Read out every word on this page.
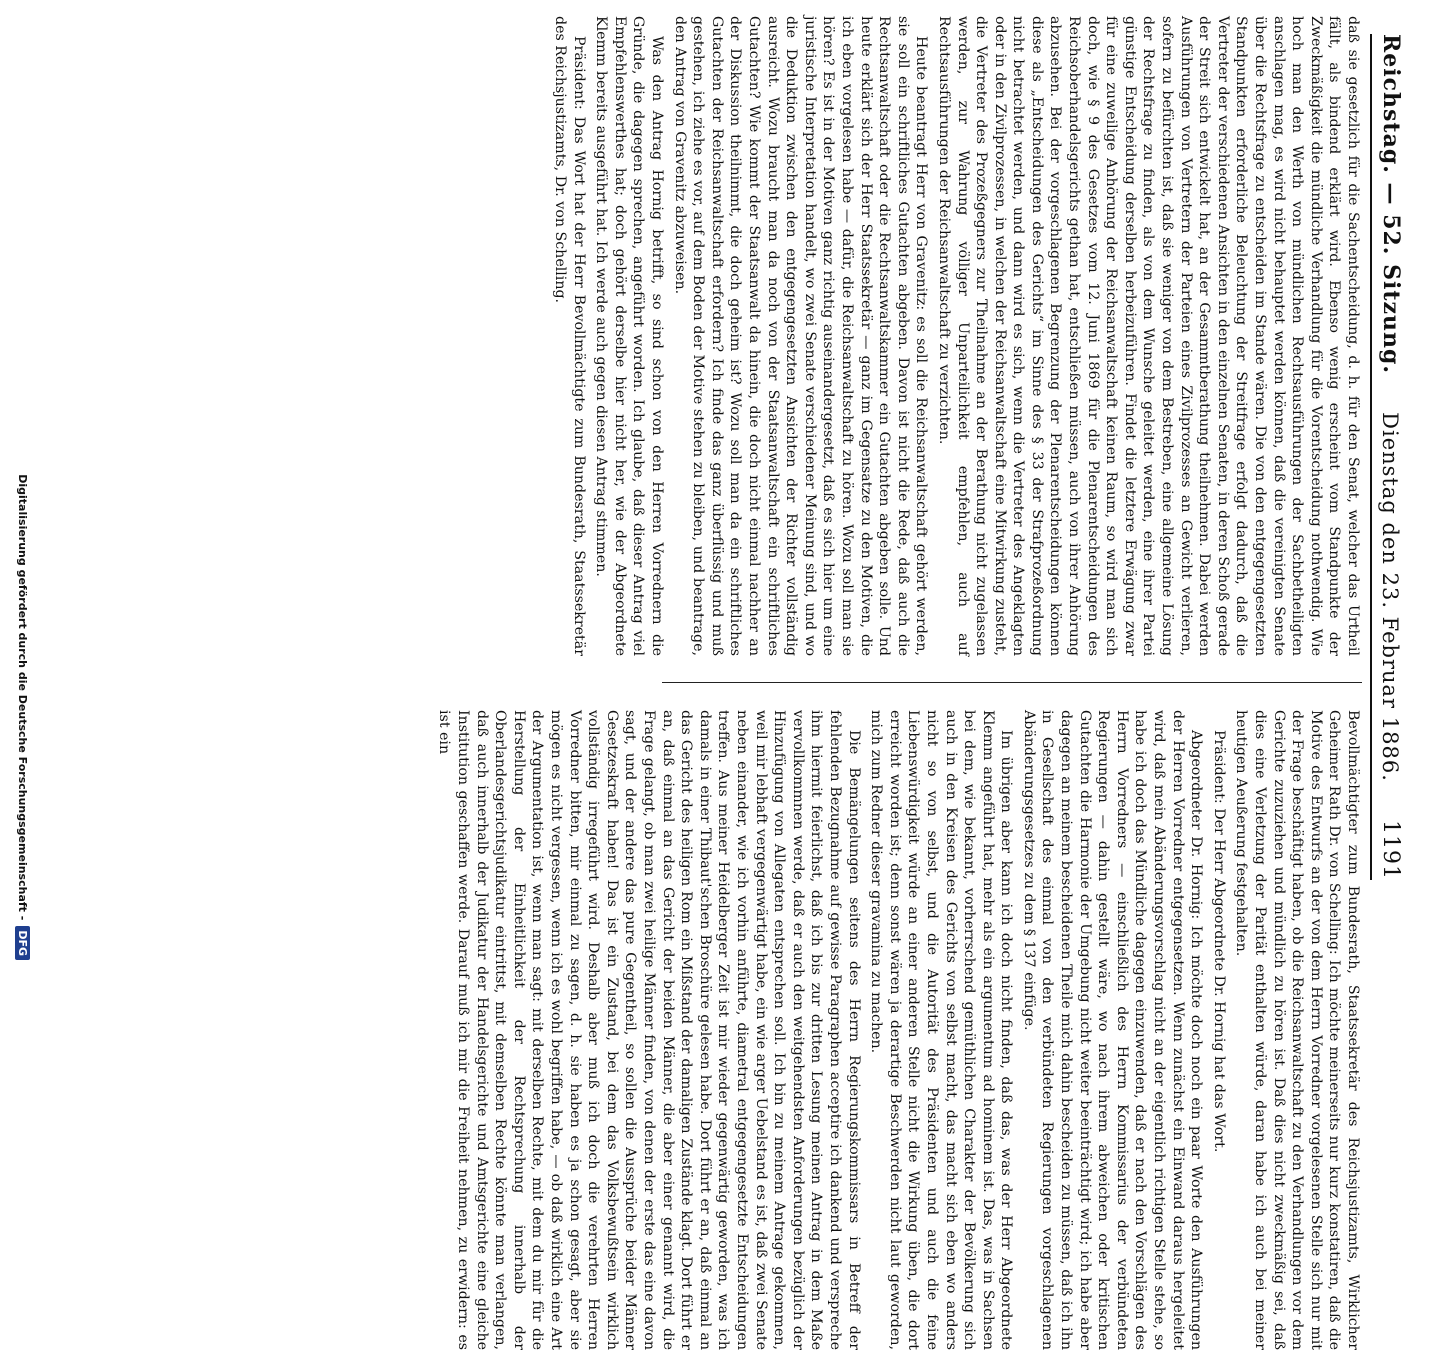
Reichstag. — 52. Sitzung.
Dienstag den 23. Februar 1886.
1191

daß sie gesetzlich für die Sachentscheidung, d. h. für den Senat, welcher das Urtheil fällt, als bindend erklärt wird. Ebenso wenig erscheint vom Standpunkte der Zweckmäßigkeit die mündliche Verhandlung für die Vorentscheidung nothwendig. Wie hoch man den Werth von mündlichen Rechtsausführungen der Sachbetheiligten anschlagen mag, es wird nicht behauptet werden können, daß die vereinigten Senate über die Rechtsfrage zu entscheiden im Stande wären. Die von den entgegengesetzten Standpunkten erforderliche Beleuchtung der Streitfrage erfolgt dadurch, daß die Vertreter der verschiedenen Ansichten in den einzelnen Senaten, in deren Schoß gerade der Streit sich entwickelt hat, an der Gesammtberathung theilnehmen. Dabei werden Ausführungen von Vertretern der Parteien eines Zivilprozesses an Gewicht verlieren, sofern zu befürchten ist, daß sie weniger von dem Bestreben, eine allgemeine Lösung der Rechtsfrage zu finden, als von dem Wunsche geleitet werden, eine ihrer Partei günstige Entscheidung derselben herbeizuführen. Findet die letztere Erwägung zwar für eine zuweilige Anhörung der Reichsanwaltschaft keinen Raum, so wird man sich doch, wie § 9 des Gesetzes vom 12. Juni 1869 für die Plenarentscheidungen des Reichsoberhandelsgerichts gethan hat, entschließen müssen, auch von ihrer Anhörung abzusehen. Bei der vorgeschlagenen Begrenzung der Plenarentscheidungen können diese als „Entscheidungen des Gerichts“ im Sinne des § 33 der Strafprozeßordnung nicht betrachtet werden, und dann wird es sich, wenn die Vertreter des Angeklagten oder in den Zivilprozessen, in welchen der Reichsanwaltschaft eine Mitwirkung zusteht, die Vertreter des Prozeßgegners zur Theilnahme an der Berathung nicht zugelassen werden, zur Wahrung völliger Unparteilichkeit empfehlen, auch auf Rechtsausführungen der Reichsanwaltschaft zu verzichten.

Heute beantragt Herr von Gravenitz: es soll die Reichsanwaltschaft gehört werden, sie soll ein schriftliches Gutachten abgeben. Davon ist nicht die Rede, daß auch die Rechtsanwaltschaft oder die Rechtsanwaltskammer ein Gutachten abgeben solle. Und heute erklärt sich der Herr Staatssekretär — ganz im Gegensatze zu den Motiven, die ich eben vorgelesen habe — dafür, die Reichsanwaltschaft zu hören. Wozu soll man sie hören? Es ist in der Motiven ganz richtig auseinandergesetzt, daß es sich hier um eine juristische Interpretation handelt, wo zwei Senate verschiedener Meinung sind, und wo die Deduktion zwischen den entgegengesetzten Ansichten der Richter vollständig ausreicht. Wozu braucht man da noch von der Staatsanwaltschaft ein schriftliches Gutachten? Wie kommt der Staatsanwalt da hinein, die doch nicht einmal nachher an der Diskussion theilnimmt, die doch geheim ist? Wozu soll man da ein schriftliches Gutachten der Reichsanwaltschaft erfordern? Ich finde das ganz überflüssig und muß gestehen, ich ziehe es vor, auf dem Boden der Motive stehen zu bleiben, und beantrage, den Antrag von Gravenitz abzuweisen.

Was den Antrag Hornig betrifft, so sind schon von den Herren Vorrednern die Gründe, die dagegen sprechen, angeführt worden. Ich glaube, daß dieser Antrag viel Empfehlenswerthes hat; doch gehört derselbe hier nicht her, wie der Abgeordnete Klemm bereits ausgeführt hat. Ich werde auch gegen diesen Antrag stimmen.

Präsident: Das Wort hat der Herr Bevollmächtigte zum Bundesrath, Staatssekretär des Reichsjustizamts, Dr. von Schelling.

Bevollmächtigter zum Bundesrath, Staatssekretär des Reichsjustizamts, Wirklicher Geheimer Rath Dr. von Schelling: Ich möchte meinerseits nur kurz konstatiren, daß die Motive des Entwurfs an der von dem Herrn Vorredner vorgelesenen Stelle sich nur mit der Frage beschäftigt haben, ob die Reichsanwaltschaft zu den Verhandlungen vor dem Gerichte zuzuziehen und mündlich zu hören ist. Daß dies nicht zweckmäßig sei, daß dies eine Verletzung der Parität enthalten würde, daran habe ich auch bei meiner heutigen Aeußerung festgehalten.

Präsident: Der Herr Abgeordnete Dr. Hornig hat das Wort.

Abgeordneter Dr. Hornig: Ich möchte doch noch ein paar Worte den Ausführungen der Herren Vorredner entgegensetzen. Wenn zunächst ein Einwand daraus hergeleitet wird, daß mein Abänderungsvorschlag nicht an der eigentlich richtigen Stelle stehe, so habe ich doch das Mündliche dagegen einzuwenden, daß er nach den Vorschlägen des Herrn Vorredners — einschließlich des Herrn Kommissarius der verbündeten Regierungen — dahin gestellt wäre, wo nach ihrem abweichen oder kritischen Gutachten die Harmonie der Umgebung nicht weiter beeinträchtigt wird; ich habe aber dagegen an meinem bescheidenen Theile mich dahin bescheiden zu müssen, daß ich ihn in Gesellschaft des einmal von den verbündeten Regierungen vorgeschlagenen Abänderungsgesetzes zu dem § 137 einfüge.

Im übrigen aber kann ich doch nicht finden, daß das, was der Herr Abgeordnete Klemm angeführt hat, mehr als ein argumentum ad hominem ist. Das, was in Sachsen bei dem, wie bekannt, vorherrschend gemüthlichen Charakter der Bevölkerung sich auch in den Kreisen des Gerichts von selbst macht, das macht sich eben wo anders nicht so von selbst, und die Autorität des Präsidenten und auch die feine Liebenswürdigkeit würde an einer anderen Stelle nicht die Wirkung üben, die dort erreicht worden ist; denn sonst wären ja derartige Beschwerden nicht laut geworden, mich zum Redner dieser gravamina zu machen.

Die Bemängelungen seitens des Herrn Regierungskommissars in Betreff der fehlenden Bezugnahme auf gewisse Paragraphen acceptire ich dankend und verspreche ihm hiermit feierlichst, daß ich bis zur dritten Lesung meinen Antrag in dem Maße vervollkommnen werde, daß er auch den weitgehendsten Anforderungen bezüglich der Hinzufügung von Allegaten entsprechen soll. Ich bin zu meinem Antrage gekommen, weil mir lebhaft vergegenwärtigt habe, ein wie arger Uebelstand es ist, daß zwei Senate neben einander, wie ich vorhin anführte, diametral entgegengesetzte Entscheidungen treffen. Aus meiner Heidelberger Zeit ist mir wieder gegenwärtig geworden, was ich damals in einer Thibaut'schen Broschüre gelesen habe. Dort führt er an, daß einmal an das Gericht des heiligen Rom ein Mißstand der damaligen Zustände klagt. Dort führt er an, daß einmal an das Gericht der beiden Männer, die aber einer genannt wird, die Frage gelangt, ob man zwei heilige Männer finden, von denen der erste das eine davon sagt, und der andere das pure Gegentheil, so sollen die Aussprüche beider Männer Gesetzeskraft haben! Das ist ein Zustand, bei dem das Volksbewußtsein wirklich vollständig irregeführt wird. Deshalb aber muß ich doch die verehrten Herren Vorredner bitten, mir einmal zu sagen, d. h. sie haben es ja schon gesagt, aber sie mögen es nicht vergessen, wenn ich es wohl begriffen habe, — ob daß wirklich eine Art der Argumentation ist, wenn man sagt: mit derselben Rechte, mit dem du mir für die Herstellung der Einheitlichkeit der Rechtsprechung innerhalb der Oberlandesgerichtsjudikatur eintrittst, mit demselben Rechte könnte man verlangen, daß auch innerhalb der Judikatur der Handelsgerichte und Amtsgerichte eine gleiche Institution geschaffen werde. Darauf muß ich mir die Freiheit nehmen, zu erwidern: es ist ein

Digitalisierung gefördert durch die Deutsche Forschungsgemeinschaft -
DFG
